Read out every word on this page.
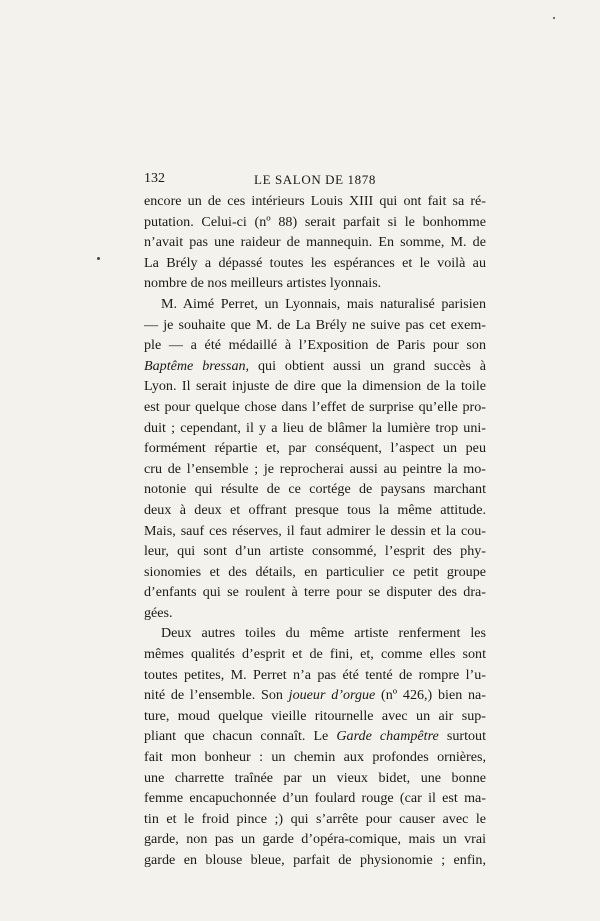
132	LE SALON DE 1878
encore un de ces intérieurs Louis XIII qui ont fait sa ré-
putation. Celui-ci (nº 88) serait parfait si le bonhomme
n’avait pas une raideur de mannequin. En somme, M. de
La Brély a dépassé toutes les espérances et le voilà au
nombre de nos meilleurs artistes lyonnais.
M. Aimé Perret, un Lyonnais, mais naturalisé parisien
— je souhaite que M. de La Brély ne suive pas cet exem-
ple — a été médaillé à l’Exposition de Paris pour son
Baptême bressan, qui obtient aussi un grand succès à
Lyon. Il serait injuste de dire que la dimension de la toile
est pour quelque chose dans l’effet de surprise qu’elle pro-
duit ; cependant, il y a lieu de blâmer la lumière trop uni-
formément répartie et, par conséquent, l’aspect un peu
cru de l’ensemble ; je reprocherai aussi au peintre la mo-
notonie qui résulte de ce cortége de paysans marchant
deux à deux et offrant presque tous la même attitude.
Mais, sauf ces réserves, il faut admirer le dessin et la cou-
leur, qui sont d’un artiste consommé, l’esprit des phy-
sionomies et des détails, en particulier ce petit groupe
d’enfants qui se roulent à terre pour se disputer des dra-
gées.
Deux autres toiles du même artiste renferment les
mêmes qualités d’esprit et de fini, et, comme elles sont
toutes petites, M. Perret n’a pas été tenté de rompre l’u-
nité de l’ensemble. Son joueur d’orgue (nº 426,) bien na-
ture, moud quelque vieille ritournelle avec un air sup-
pliant que chacun connaît. Le Garde champêtre surtout
fait mon bonheur : un chemin aux profondes ornières,
une charrette traînée par un vieux bidet, une bonne
femme encapuchonnée d’un foulard rouge (car il est ma-
tin et le froid pince ;) qui s’arrête pour causer avec le
garde, non pas un garde d’opéra-comique, mais un vrai
garde en blouse bleue, parfait de physionomie ; enfin,
